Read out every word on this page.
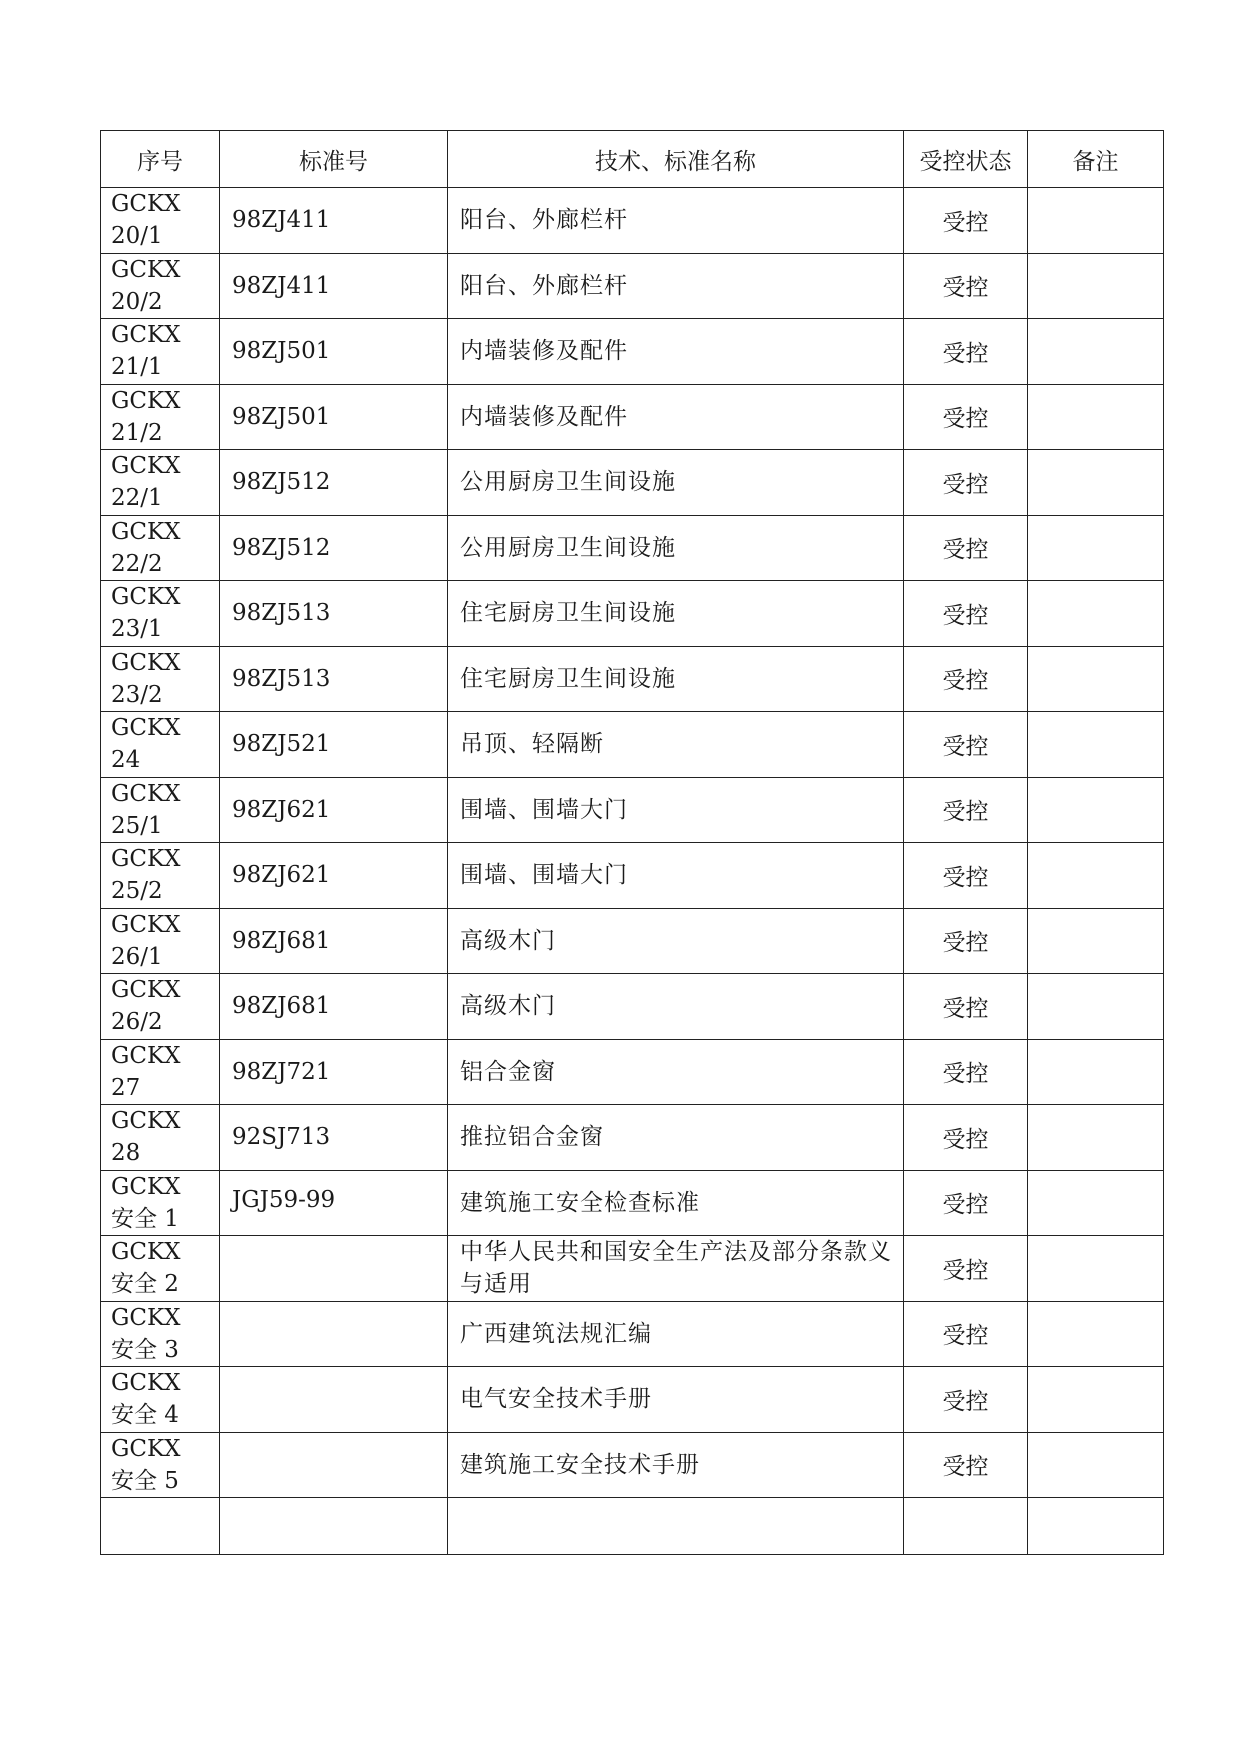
序号	标准号	技术、标准名称	受控状态	备注

GCKX
20/1	98ZJ411	阳台、外廊栏杆	受控	

GCKX
20/2	98ZJ411	阳台、外廊栏杆	受控	

GCKX
21/1	98ZJ501	内墙装修及配件	受控	

GCKX
21/2	98ZJ501	内墙装修及配件	受控	

GCKX
22/1	98ZJ512	公用厨房卫生间设施	受控	

GCKX
22/2	98ZJ512	公用厨房卫生间设施	受控	

GCKX
23/1	98ZJ513	住宅厨房卫生间设施	受控	

GCKX
23/2	98ZJ513	住宅厨房卫生间设施	受控	

GCKX
24	98ZJ521	吊顶、轻隔断	受控	

GCKX
25/1	98ZJ621	围墙、围墙大门	受控	

GCKX
25/2	98ZJ621	围墙、围墙大门	受控	

GCKX
26/1	98ZJ681	高级木门	受控	

GCKX
26/2	98ZJ681	高级木门	受控	

GCKX
27	98ZJ721	铝合金窗	受控	

GCKX
28	92SJ713	推拉铝合金窗	受控	

GCKX
安全 1	JGJ59-99	建筑施工安全检查标准	受控	

GCKX
安全 2		中华人民共和国安全生产法及部分条款义与适用	受控	

GCKX
安全 3		广西建筑法规汇编	受控	

GCKX
安全 4		电气安全技术手册	受控	

GCKX
安全 5		建筑施工安全技术手册	受控	
